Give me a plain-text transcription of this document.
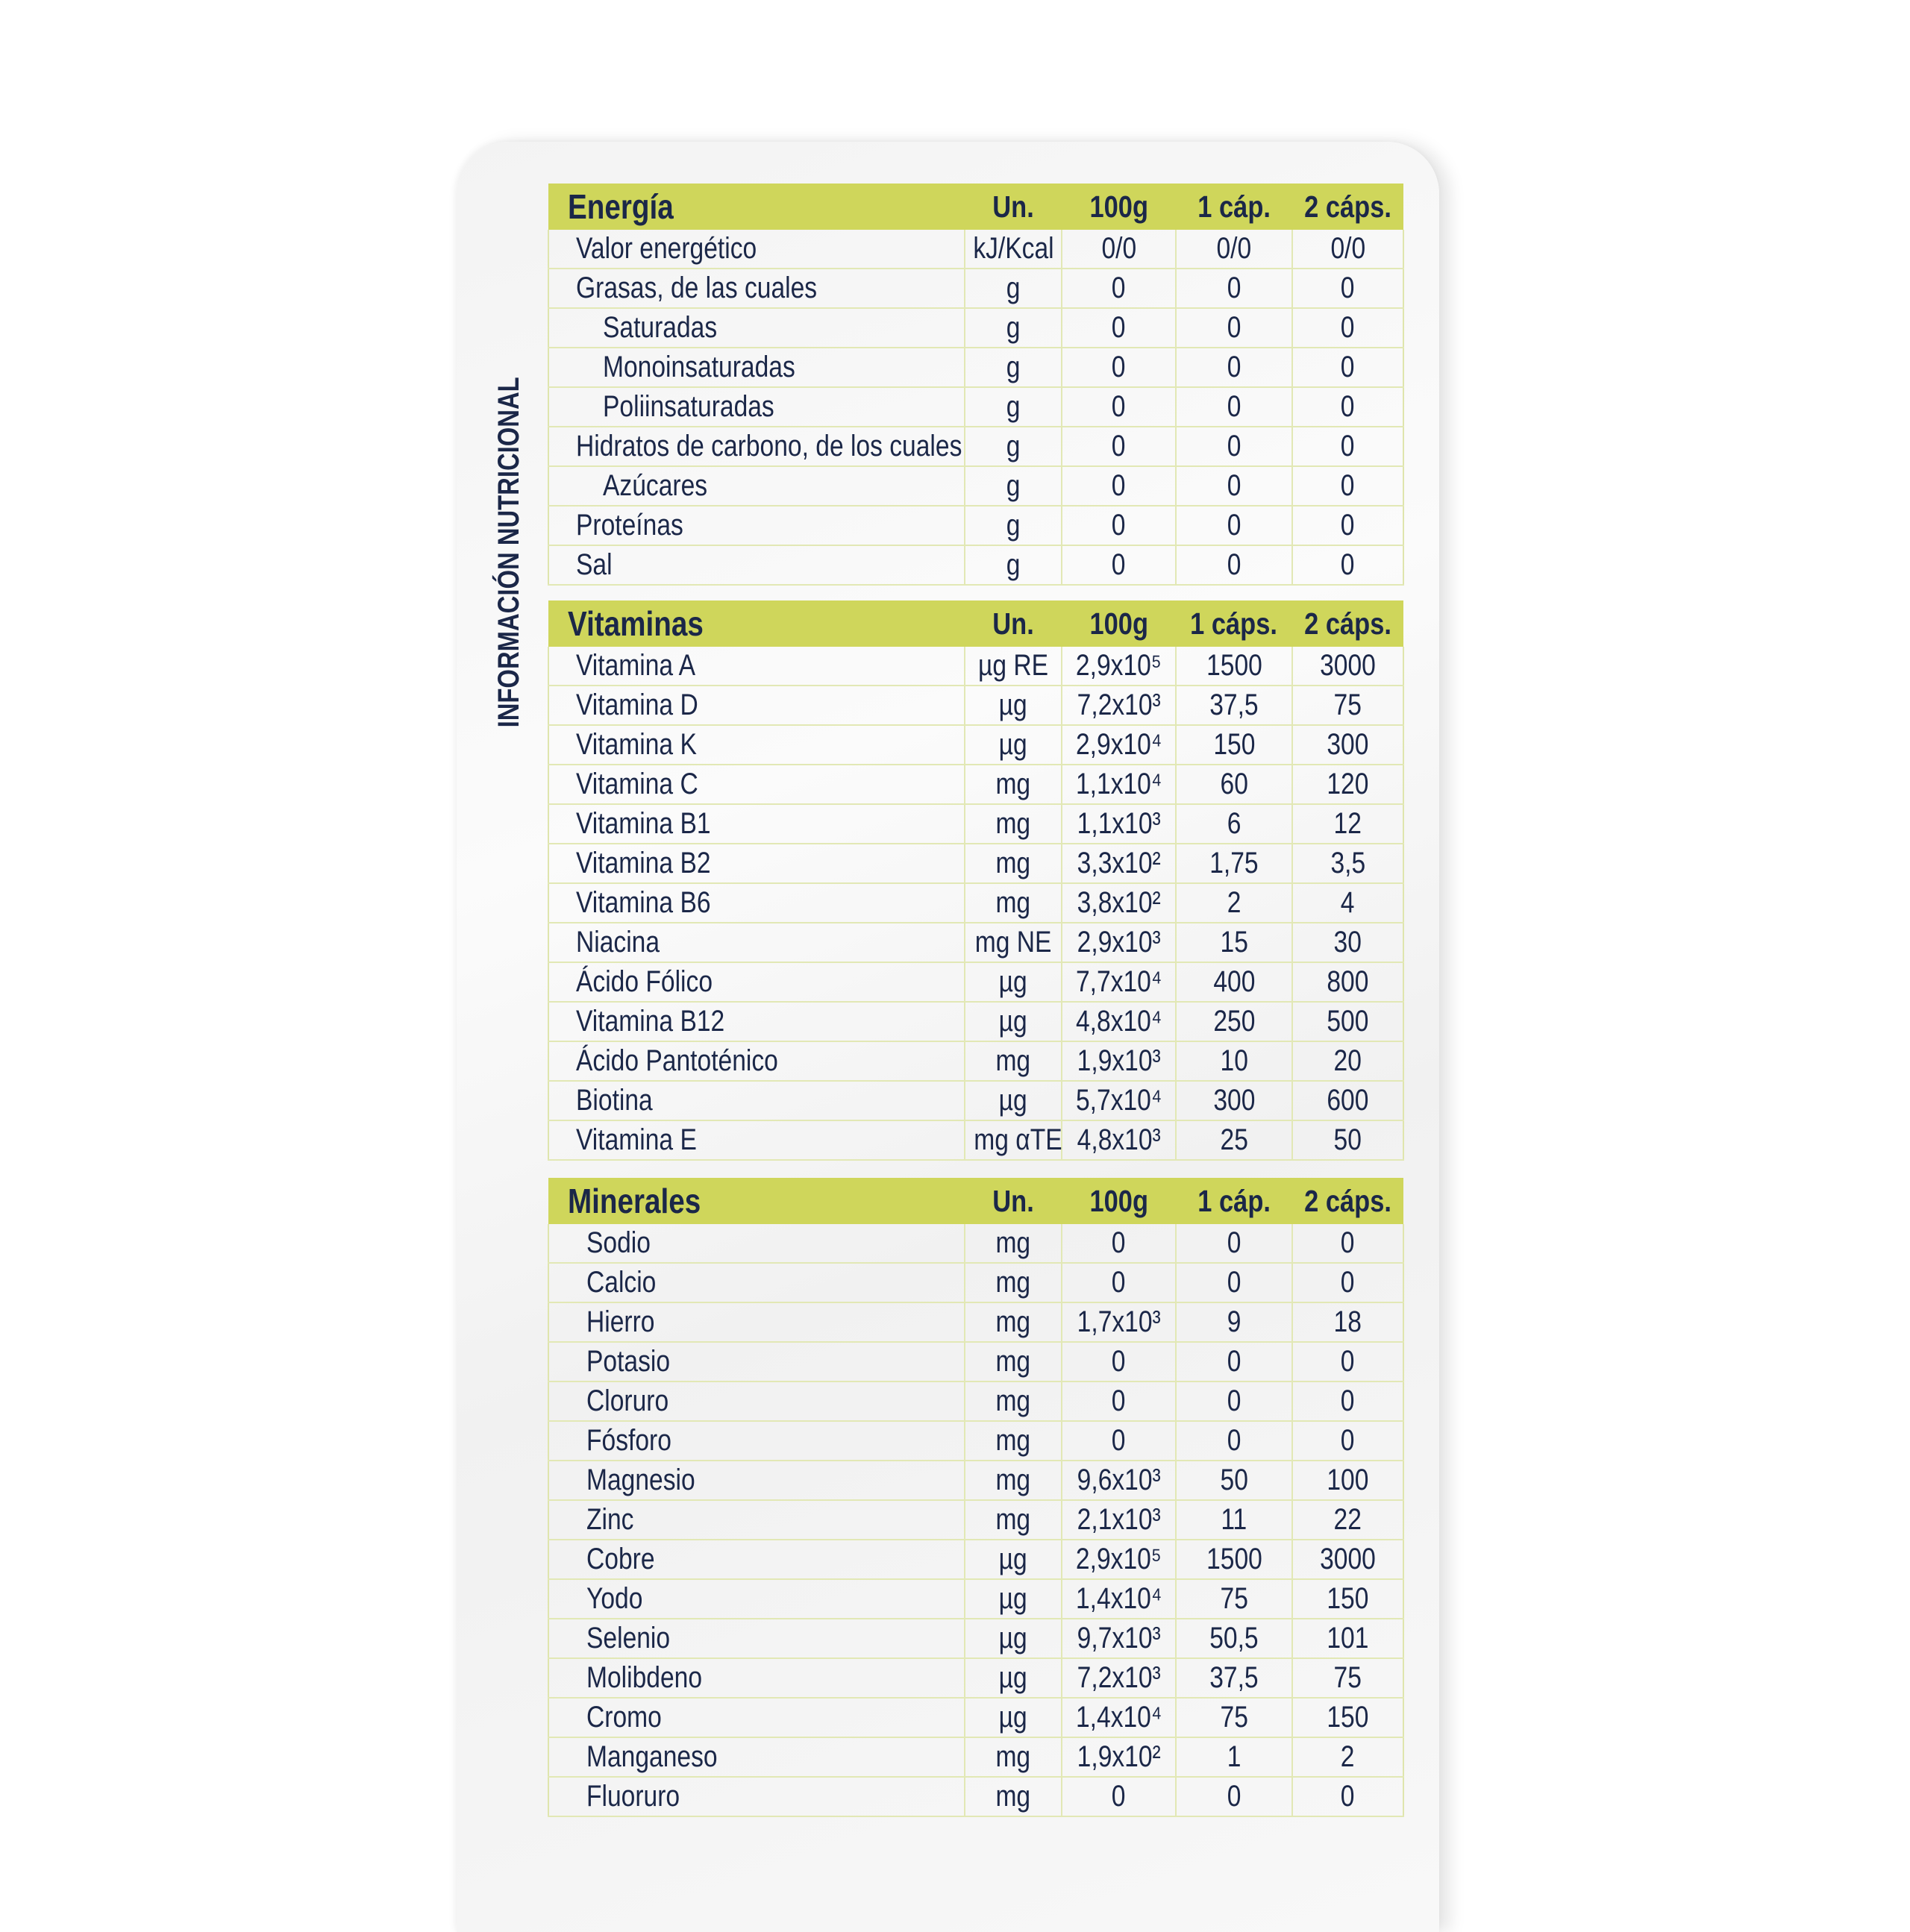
INFORMACIÓN NUTRICIONAL
Energía	Un.	100g	1 cáp.	2 cáps.
Valor energético	kJ/Kcal	0/0	0/0	0/0
Grasas, de las cuales	g	0	0	0
Saturadas	g	0	0	0
Monoinsaturadas	g	0	0	0
Poliinsaturadas	g	0	0	0
Hidratos de carbono, de los cuales	g	0	0	0
Azúcares	g	0	0	0
Proteínas	g	0	0	0
Sal	g	0	0	0
Vitaminas	Un.	100g	1 cáps.	2 cáps.
Vitamina A	µg RE	2,9x10⁵	1500	3000
Vitamina D	µg	7,2x10³	37,5	75
Vitamina K	µg	2,9x10⁴	150	300
Vitamina C	mg	1,1x10⁴	60	120
Vitamina B1	mg	1,1x10³	6	12
Vitamina B2	mg	3,3x10²	1,75	3,5
Vitamina B6	mg	3,8x10²	2	4
Niacina	mg NE	2,9x10³	15	30
Ácido Fólico	µg	7,7x10⁴	400	800
Vitamina B12	µg	4,8x10⁴	250	500
Ácido Pantoténico	mg	1,9x10³	10	20
Biotina	µg	5,7x10⁴	300	600
Vitamina E	mg αTE	4,8x10³	25	50
Minerales	Un.	100g	1 cáp.	2 cáps.
Sodio	mg	0	0	0
Calcio	mg	0	0	0
Hierro	mg	1,7x10³	9	18
Potasio	mg	0	0	0
Cloruro	mg	0	0	0
Fósforo	mg	0	0	0
Magnesio	mg	9,6x10³	50	100
Zinc	mg	2,1x10³	11	22
Cobre	µg	2,9x10⁵	1500	3000
Yodo	µg	1,4x10⁴	75	150
Selenio	µg	9,7x10³	50,5	101
Molibdeno	µg	7,2x10³	37,5	75
Cromo	µg	1,4x10⁴	75	150
Manganeso	mg	1,9x10²	1	2
Fluoruro	mg	0	0	0
